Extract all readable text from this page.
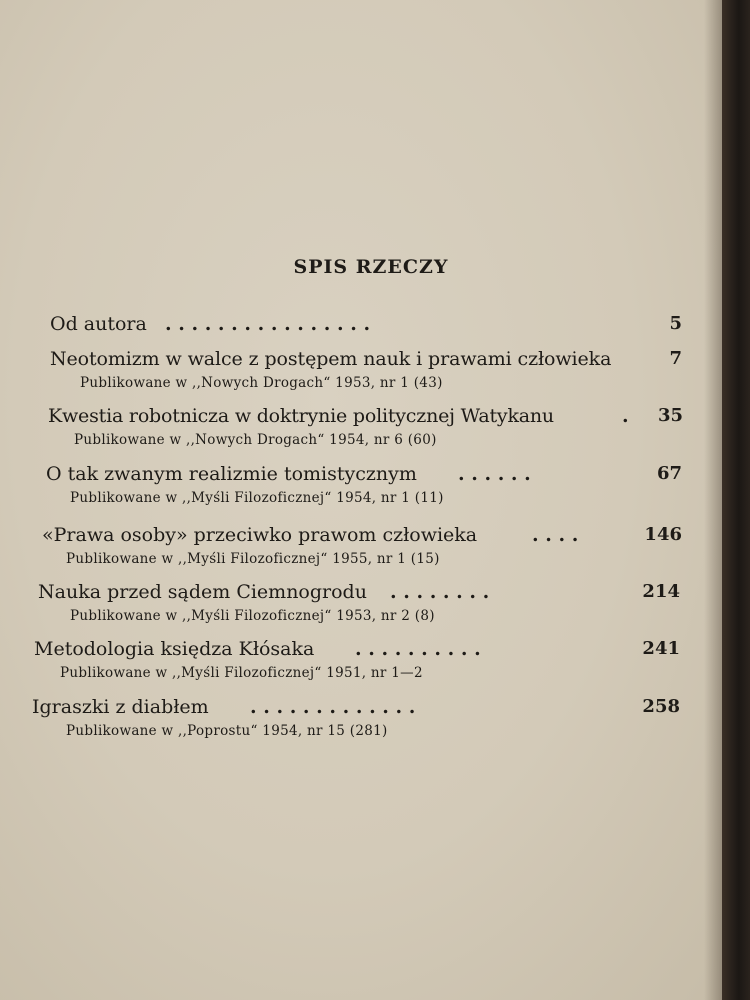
SPIS RZECZY
Od autora . . . . . . . . . . . . . . . .	5
Neotomizm w walce z postępem nauk i prawami człowieka	7
Publikowane w ,,Nowych Drogach“ 1953, nr 1 (43)
Kwestia robotnicza w doktrynie politycznej Watykanu	.	35
Publikowane w ,,Nowych Drogach“ 1954, nr 6 (60)
O tak zwanym realizmie tomistycznym . . . . . .	67
Publikowane w ,,Myśli Filozoficznej“ 1954, nr 1 (11)
«Prawa osoby» przeciwko prawom człowieka	. . . .	146
Publikowane w ,,Myśli Filozoficznej“ 1955, nr 1 (15)
Nauka przed sądem Ciemnogrodu . . . . . . . .	214
Publikowane w ,,Myśli Filozoficznej“ 1953, nr 2 (8)
Metodologia księdza Kłósaka . . . . . . . . . .	241
Publikowane w ,,Myśli Filozoficznej“ 1951, nr 1—2
Igraszki z diabłem . . . . . . . . . . . . .	258
Publikowane w ,,Poprostu“ 1954, nr 15 (281)
